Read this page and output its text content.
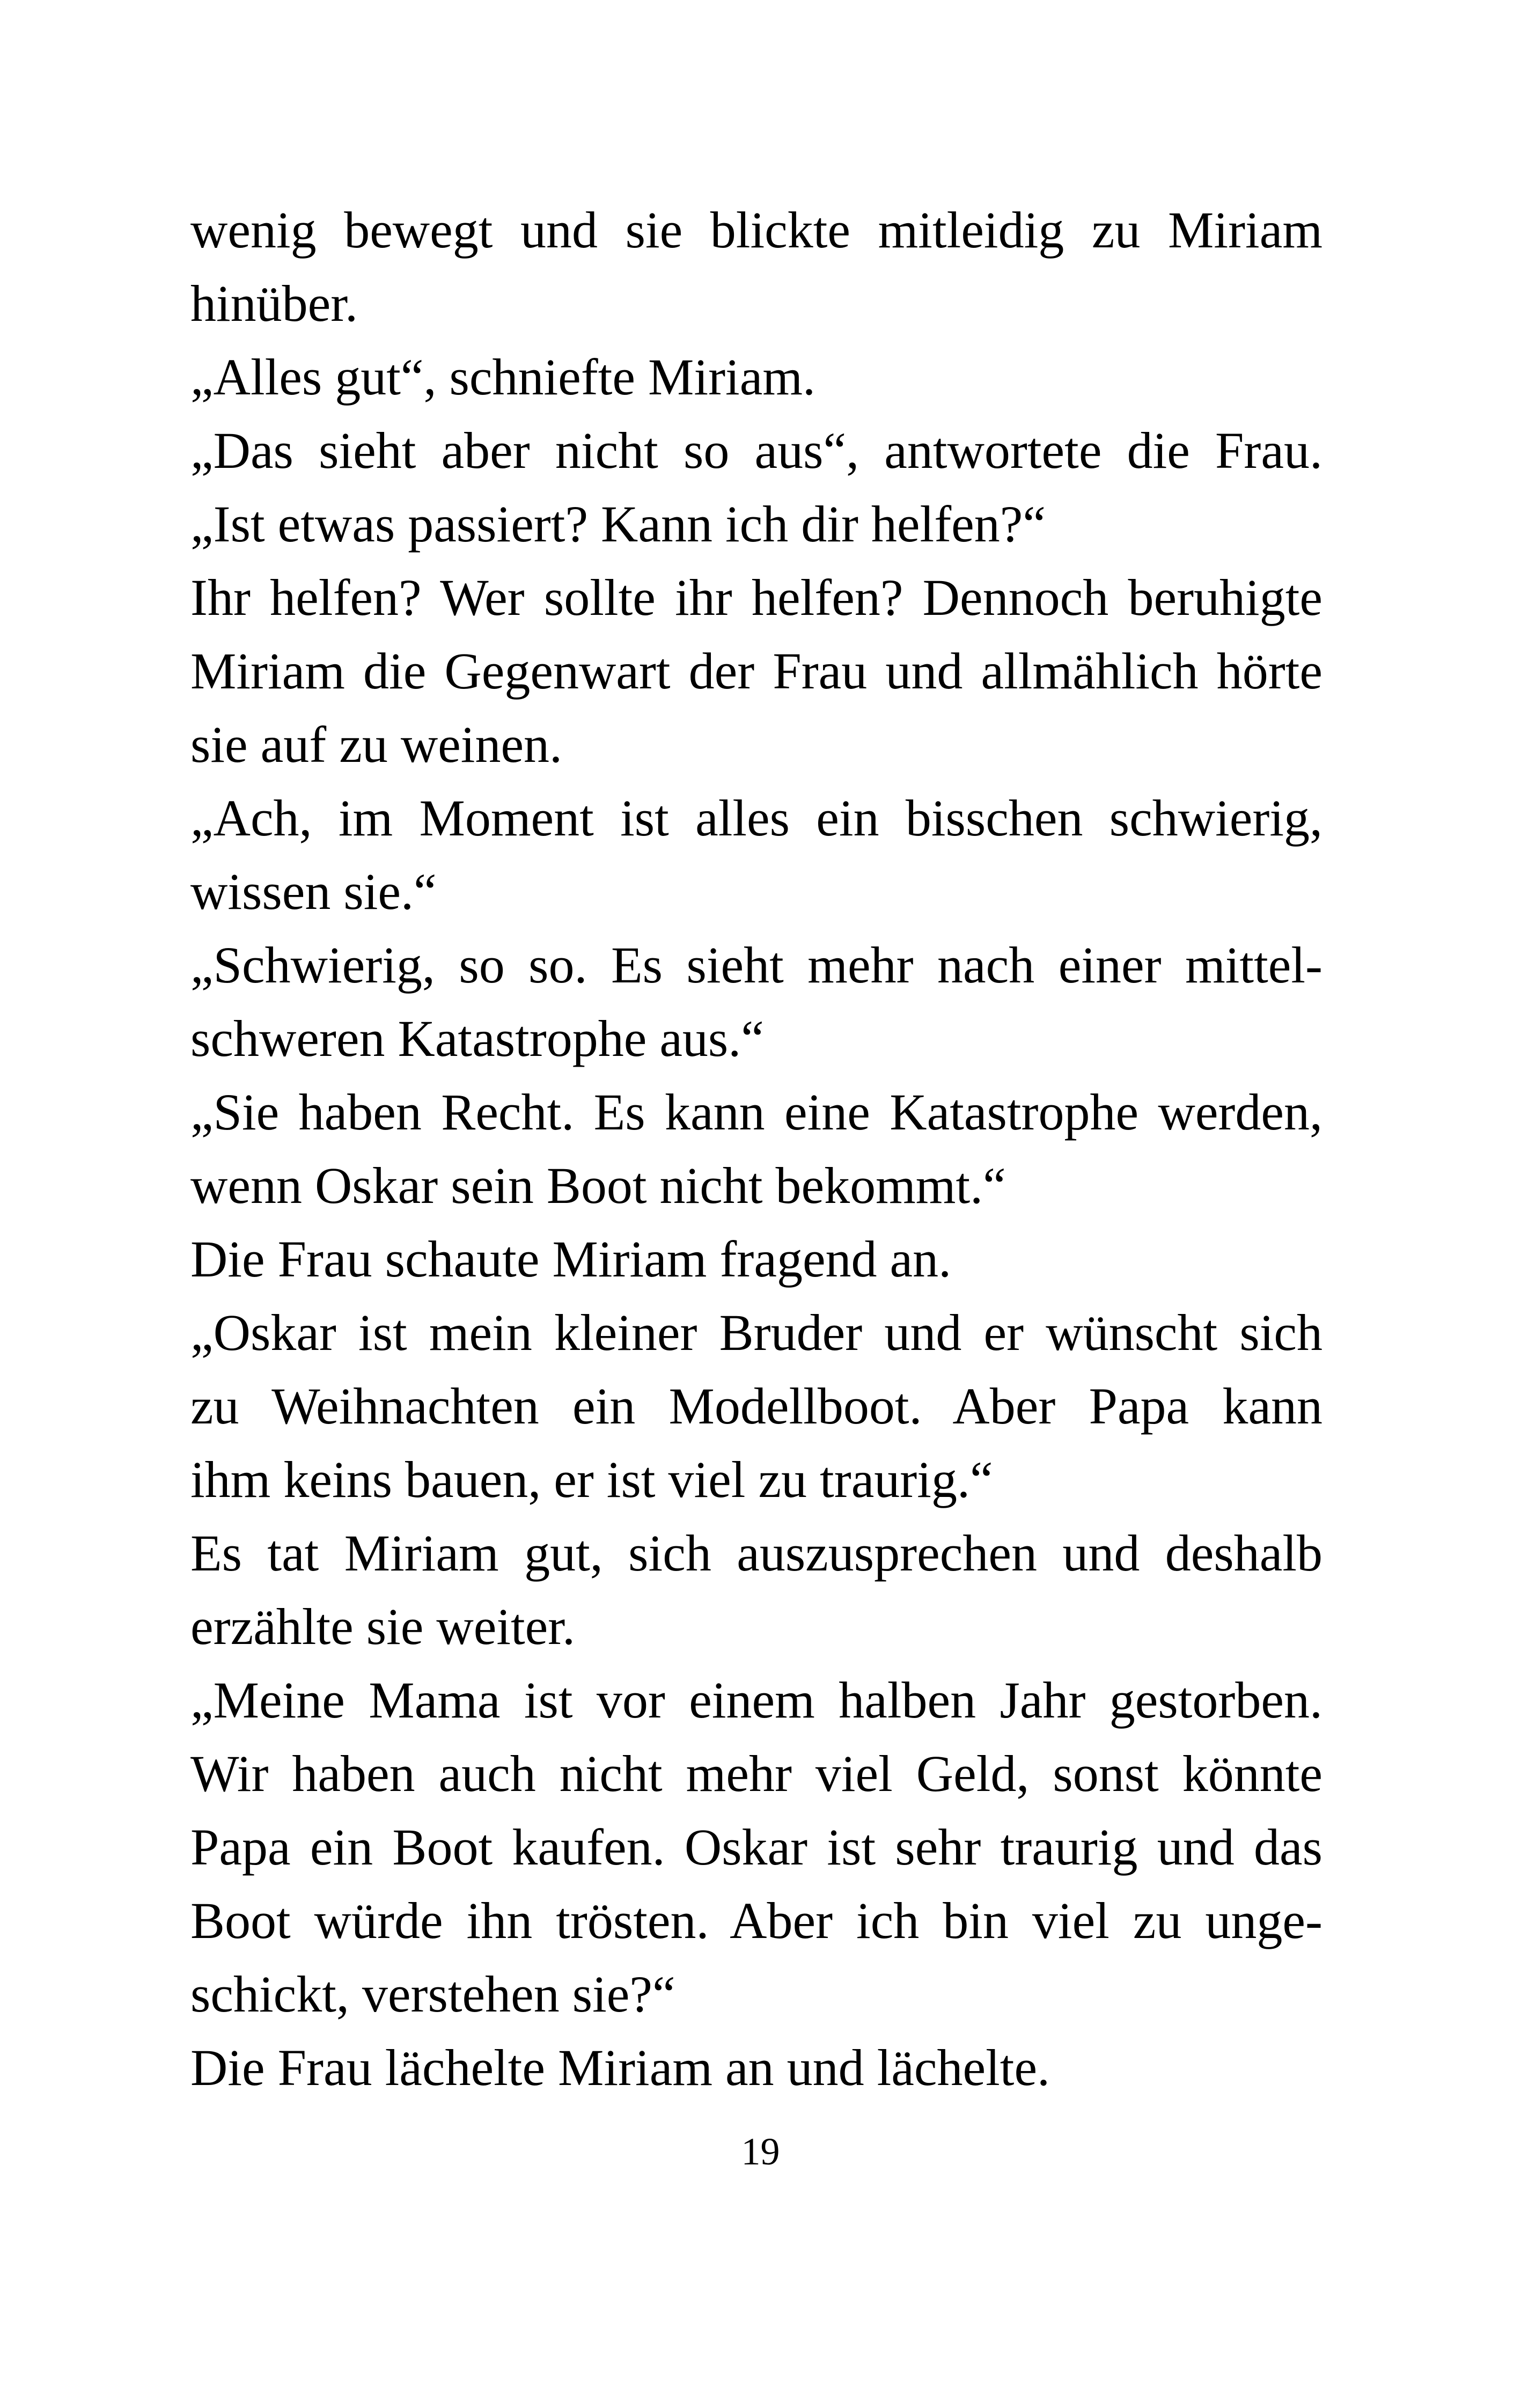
wenig bewegt und sie blickte mitleidig zu Miriam
hinüber.
„Alles gut“, schniefte Miriam.
„Das sieht aber nicht so aus“, antwortete die Frau.
„Ist etwas passiert? Kann ich dir helfen?“
Ihr helfen? Wer sollte ihr helfen? Dennoch beruhigte
Miriam die Gegenwart der Frau und allmählich hörte
sie auf zu weinen.
„Ach, im Moment ist alles ein bisschen schwierig,
wissen sie.“
„Schwierig, so so. Es sieht mehr nach einer mittel-
schweren Katastrophe aus.“
„Sie haben Recht. Es kann eine Katastrophe werden,
wenn Oskar sein Boot nicht bekommt.“
Die Frau schaute Miriam fragend an.
„Oskar ist mein kleiner Bruder und er wünscht sich
zu Weihnachten ein Modellboot. Aber Papa kann
ihm keins bauen, er ist viel zu traurig.“
Es tat Miriam gut, sich auszusprechen und deshalb
erzählte sie weiter.
„Meine Mama ist vor einem halben Jahr gestorben.
Wir haben auch nicht mehr viel Geld, sonst könnte
Papa ein Boot kaufen. Oskar ist sehr traurig und das
Boot würde ihn trösten. Aber ich bin viel zu unge-
schickt, verstehen sie?“
Die Frau lächelte Miriam an und lächelte.
19
